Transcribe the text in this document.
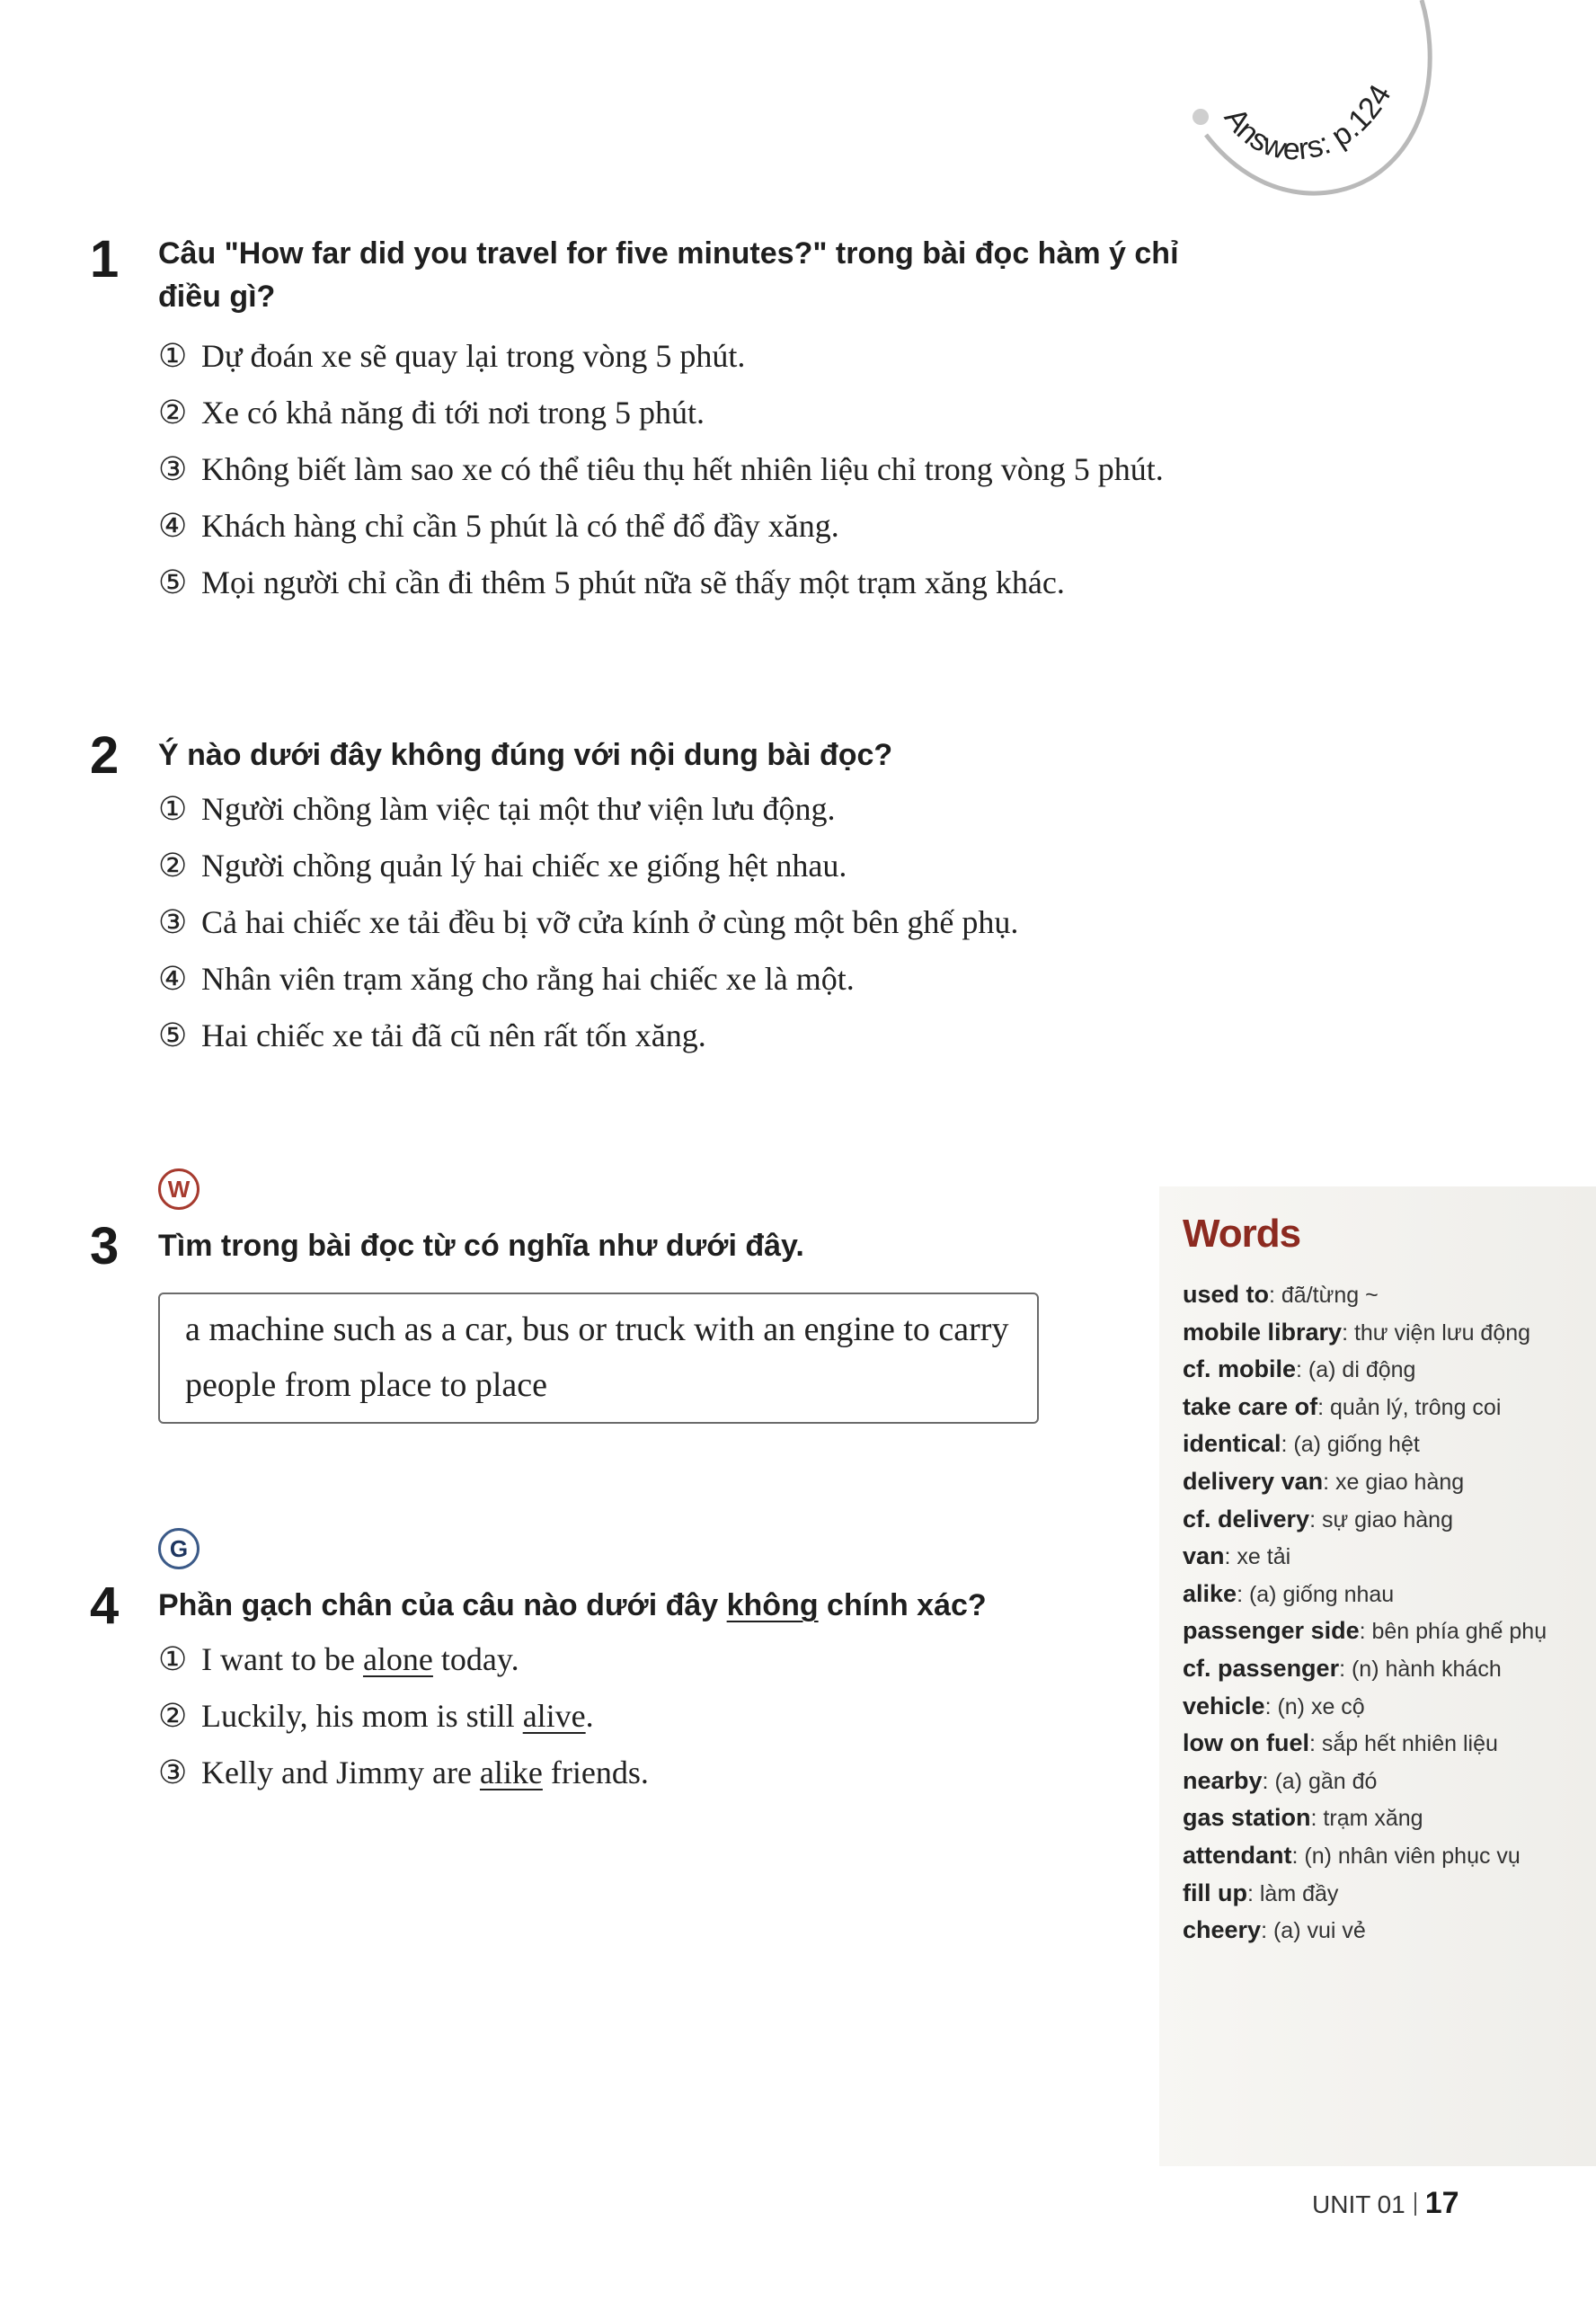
Answers: p.124
1 Câu "How far did you travel for five minutes?" trong bài đọc hàm ý chỉ điều gì?
① Dự đoán xe sẽ quay lại trong vòng 5 phút.
② Xe có khả năng đi tới nơi trong 5 phút.
③ Không biết làm sao xe có thể tiêu thụ hết nhiên liệu chỉ trong vòng 5 phút.
④ Khách hàng chỉ cần 5 phút là có thể đổ đầy xăng.
⑤ Mọi người chỉ cần đi thêm 5 phút nữa sẽ thấy một trạm xăng khác.
2 Ý nào dưới đây không đúng với nội dung bài đọc?
① Người chồng làm việc tại một thư viện lưu động.
② Người chồng quản lý hai chiếc xe giống hệt nhau.
③ Cả hai chiếc xe tải đều bị vỡ cửa kính ở cùng một bên ghế phụ.
④ Nhân viên trạm xăng cho rằng hai chiếc xe là một.
⑤ Hai chiếc xe tải đã cũ nên rất tốn xăng.
W
3 Tìm trong bài đọc từ có nghĩa như dưới đây.
a machine such as a car, bus or truck with an engine to carry people from place to place
G
4 Phần gạch chân của câu nào dưới đây không chính xác?
① I want to be alone today.
② Luckily, his mom is still alive.
③ Kelly and Jimmy are alike friends.
Words
used to: đã/từng ~
mobile library: thư viện lưu động
cf. mobile: (a) di động
take care of: quản lý, trông coi
identical: (a) giống hệt
delivery van: xe giao hàng
cf. delivery: sự giao hàng
van: xe tải
alike: (a) giống nhau
passenger side: bên phía ghế phụ
cf. passenger: (n) hành khách
vehicle: (n) xe cộ
low on fuel: sắp hết nhiên liệu
nearby: (a) gần đó
gas station: trạm xăng
attendant: (n) nhân viên phục vụ
fill up: làm đầy
cheery: (a) vui vẻ
UNIT 01 17
